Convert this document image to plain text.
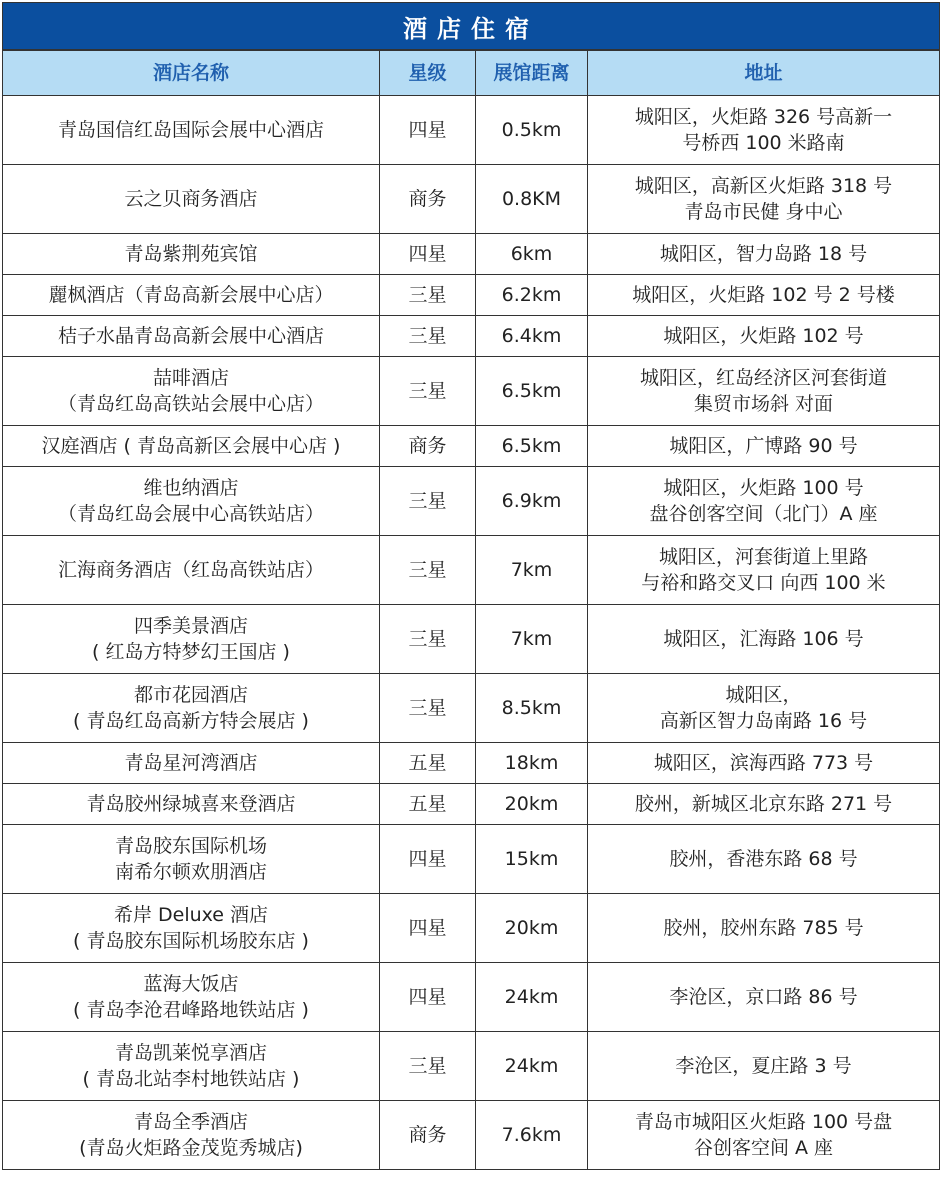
酒店住宿
酒店名称	星级	展馆距离	地址

青岛国信红岛国际会展中心酒店	四星	0.5km	城阳区，火炬路 326 号高新一
号桥西 100 米路南

云之贝商务酒店	商务	0.8KM	城阳区，高新区火炬路 318 号
青岛市民健 身中心

青岛紫荆苑宾馆	四星	6km	城阳区，智力岛路 18 号

麗枫酒店（青岛高新会展中心店）	三星	6.2km	城阳区，火炬路 102 号 2 号楼

桔子水晶青岛高新会展中心酒店	三星	6.4km	城阳区，火炬路 102 号

喆啡酒店
（青岛红岛高铁站会展中心店）	三星	6.5km	城阳区，红岛经济区河套街道
集贸市场斜 对面

汉庭酒店 ( 青岛高新区会展中心店 )	商务	6.5km	城阳区，广博路 90 号

维也纳酒店
（青岛红岛会展中心高铁站店）	三星	6.9km	城阳区，火炬路 100 号
盘谷创客空间（北门）A 座

汇海商务酒店（红岛高铁站店）	三星	7km	城阳区，河套街道上里路
与裕和路交叉口 向西 100 米

四季美景酒店
( 红岛方特梦幻王国店 )	三星	7km	城阳区，汇海路 106 号

都市花园酒店
( 青岛红岛高新方特会展店 )	三星	8.5km	城阳区，
高新区智力岛南路 16 号

青岛星河湾酒店	五星	18km	城阳区，滨海西路 773 号

青岛胶州绿城喜来登酒店	五星	20km	胶州，新城区北京东路 271 号

青岛胶东国际机场
南希尔顿欢朋酒店	四星	15km	胶州，香港东路 68 号

希岸 Deluxe 酒店
( 青岛胶东国际机场胶东店 )	四星	20km	胶州，胶州东路 785 号

蓝海大饭店
( 青岛李沧君峰路地铁站店 )	四星	24km	李沧区，京口路 86 号

青岛凯莱悦享酒店
( 青岛北站李村地铁站店 )	三星	24km	李沧区，夏庄路 3 号

青岛全季酒店
(青岛火炬路金茂览秀城店)	商务	7.6km	青岛市城阳区火炬路 100 号盘
谷创客空间 A 座
